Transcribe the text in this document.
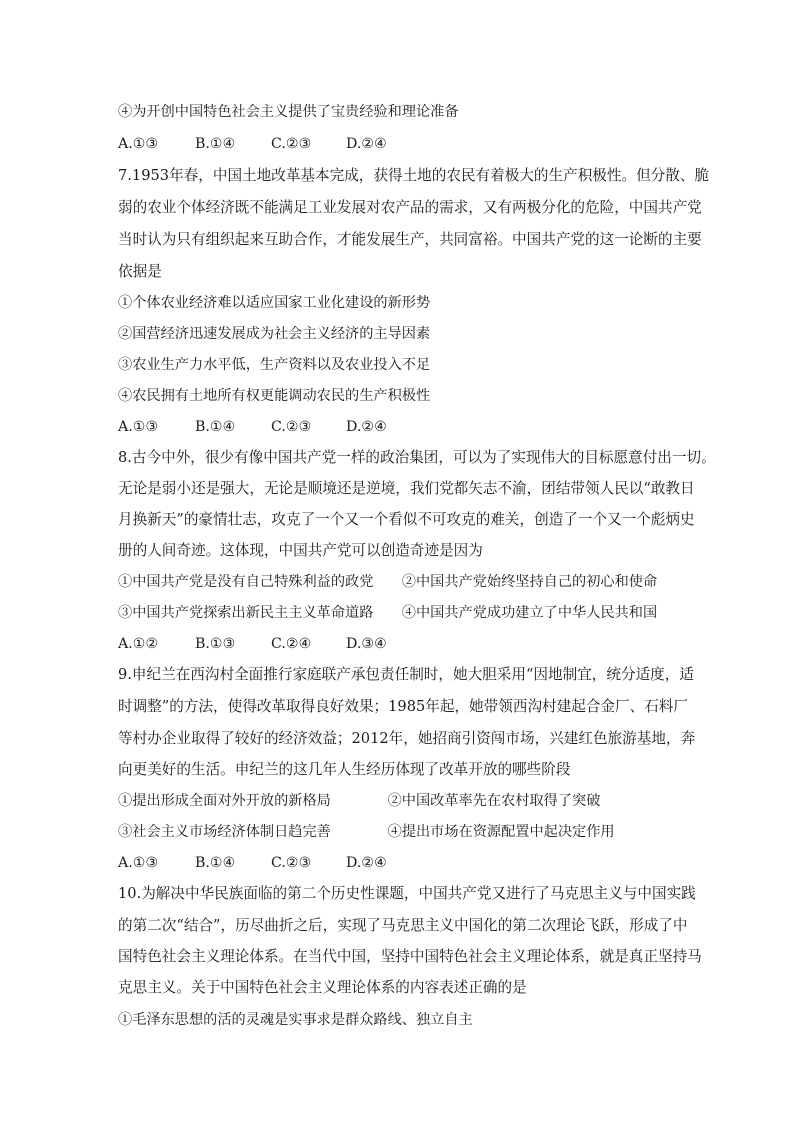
④为开创中国特色社会主义提供了宝贵经验和理论准备
A.①③	B.①④	C.②③ D.②④
7.1953年春，中国土地改革基本完成，获得土地的农民有着极大的生产积极性。但分散、脆
弱的农业个体经济既不能满足工业发展对农产品的需求，又有两极分化的危险，中国共产党
当时认为只有组织起来互助合作，才能发展生产，共同富裕。中国共产党的这一论断的主要
依据是
①个体农业经济难以适应国家工业化建设的新形势
②国营经济迅速发展成为社会主义经济的主导因素
③农业生产力水平低，生产资料以及农业投入不足
④农民拥有土地所有权更能调动农民的生产积极性
A.①③	B.①④	C.②③ D.②④
8.古今中外，很少有像中国共产党一样的政治集团，可以为了实现伟大的目标愿意付出一切。
无论是弱小还是强大，无论是顺境还是逆境，我们党都矢志不渝，团结带领人民以“敢教日
月换新天”的豪情壮志，攻克了一个又一个看似不可攻克的难关，创造了一个又一个彪炳史
册的人间奇迹。这体现，中国共产党可以创造奇迹是因为
①中国共产党是没有自己特殊利益的政党　　②中国共产党始终坚持自己的初心和使命
③中国共产党探索出新民主主义革命道路　　④中国共产党成功建立了中华人民共和国
A.①②	B.①③	C.②④ D.③④
9.申纪兰在西沟村全面推行家庭联产承包责任制时，她大胆采用“因地制宜，统分适度，适
时调整”的方法，使得改革取得良好效果；1985年起，她带领西沟村建起合金厂、石料厂
等村办企业取得了较好的经济效益；2012年，她招商引资闯市场，兴建红色旅游基地，奔
向更美好的生活。申纪兰的这几年人生经历体现了改革开放的哪些阶段
①提出形成全面对外开放的新格局　　　　②中国改革率先在农村取得了突破
③社会主义市场经济体制日趋完善　　　　④提出市场在资源配置中起决定作用
A.①③	B.①④	C.②③ D.②④
10.为解决中华民族面临的第二个历史性课题，中国共产党又进行了马克思主义与中国实践
的第二次“结合”，历尽曲折之后，实现了马克思主义中国化的第二次理论飞跃，形成了中
国特色社会主义理论体系。在当代中国，坚持中国特色社会主义理论体系，就是真正坚持马
克思主义。关于中国特色社会主义理论体系的内容表述正确的是
①毛泽东思想的活的灵魂是实事求是群众路线、独立自主
